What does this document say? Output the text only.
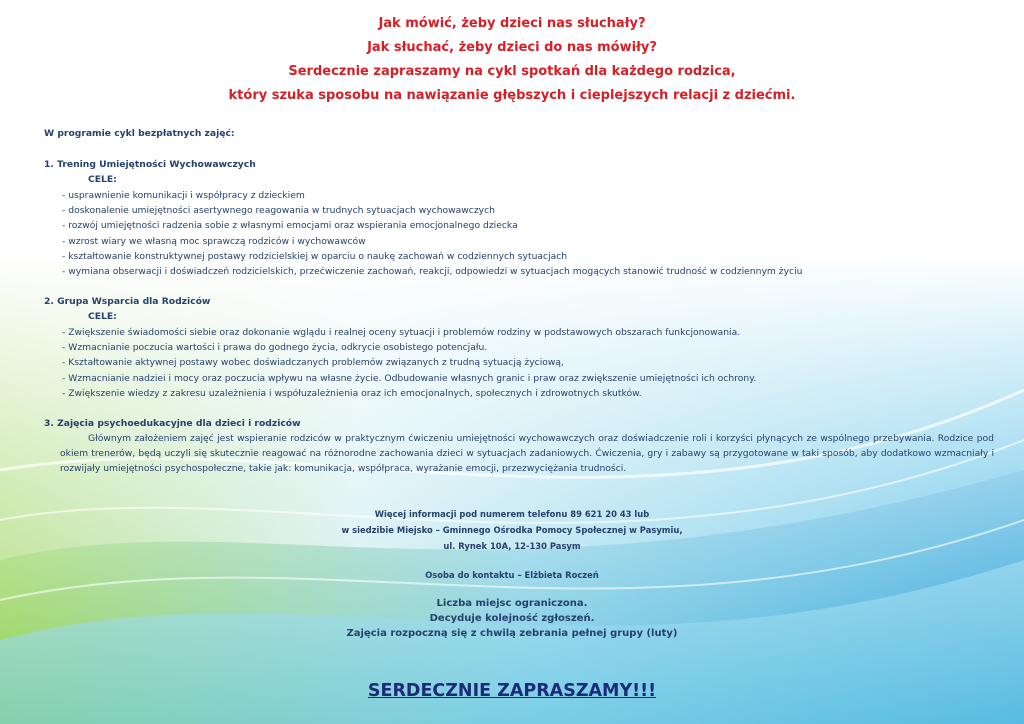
Jak mówić, żeby dzieci nas słuchały?
Jak słuchać, żeby dzieci do nas mówiły?
Serdecznie zapraszamy na cykl spotkań dla każdego rodzica,
który szuka sposobu na nawiązanie głębszych i cieplejszych relacji z dziećmi.
W programie cykl bezpłatnych zajęć:
1. Trening Umiejętności Wychowawczych
CELE:
- usprawnienie komunikacji i współpracy z dzieckiem
- doskonalenie umiejętności asertywnego reagowania w trudnych sytuacjach wychowawczych
- rozwój umiejętności radzenia sobie z własnymi emocjami oraz wspierania emocjonalnego dziecka
- wzrost wiary we własną moc sprawczą rodziców i wychowawców
- kształtowanie konstruktywnej postawy rodzicielskiej w oparciu o naukę zachowań w codziennych sytuacjach
- wymiana obserwacji i doświadczeń rodzicielskich, przećwiczenie zachowań, reakcji, odpowiedzi w sytuacjach mogących stanowić trudność w codziennym życiu
2. Grupa Wsparcia dla Rodziców
CELE:
- Zwiększenie świadomości siebie oraz dokonanie wglądu i realnej oceny sytuacji i problemów rodziny w podstawowych obszarach funkcjonowania.
- Wzmacnianie poczucia wartości i prawa do godnego życia, odkrycie osobistego potencjału.
- Kształtowanie aktywnej postawy wobec doświadczanych problemów związanych z trudną sytuacją życiową,
- Wzmacnianie nadziei i mocy oraz poczucia wpływu na własne życie. Odbudowanie własnych granic i praw oraz zwiększenie umiejętności ich ochrony.
- Zwiększenie wiedzy z zakresu uzależnienia i współuzależnienia oraz ich emocjonalnych, społecznych i zdrowotnych skutków.
3. Zajęcia psychoedukacyjne dla dzieci i rodziców
Głównym założeniem zajęć jest wspieranie rodziców w praktycznym ćwiczeniu umiejętności wychowawczych oraz doświadczenie roli i korzyści płynących ze wspólnego przebywania. Rodzice pod okiem trenerów, będą uczyli się skutecznie reagować na różnorodne zachowania dzieci w sytuacjach zadaniowych. Ćwiczenia, gry i zabawy są przygotowane w taki sposób, aby dodatkowo wzmacniały i rozwijały umiejętności psychospołeczne, takie jak: komunikacja, współpraca, wyrażanie emocji, przezwyciężania trudności.
Więcej informacji pod numerem telefonu 89 621 20 43 lub
w siedzibie Miejsko – Gminnego Ośrodka Pomocy Społecznej w Pasymiu,
ul. Rynek 10A, 12-130 Pasym
Osoba do kontaktu – Elżbieta Roczeń
Liczba miejsc ograniczona.
Decyduje kolejność zgłoszeń.
Zajęcia rozpoczną się z chwilą zebrania pełnej grupy (luty)
SERDECZNIE ZAPRASZAMY!!!
